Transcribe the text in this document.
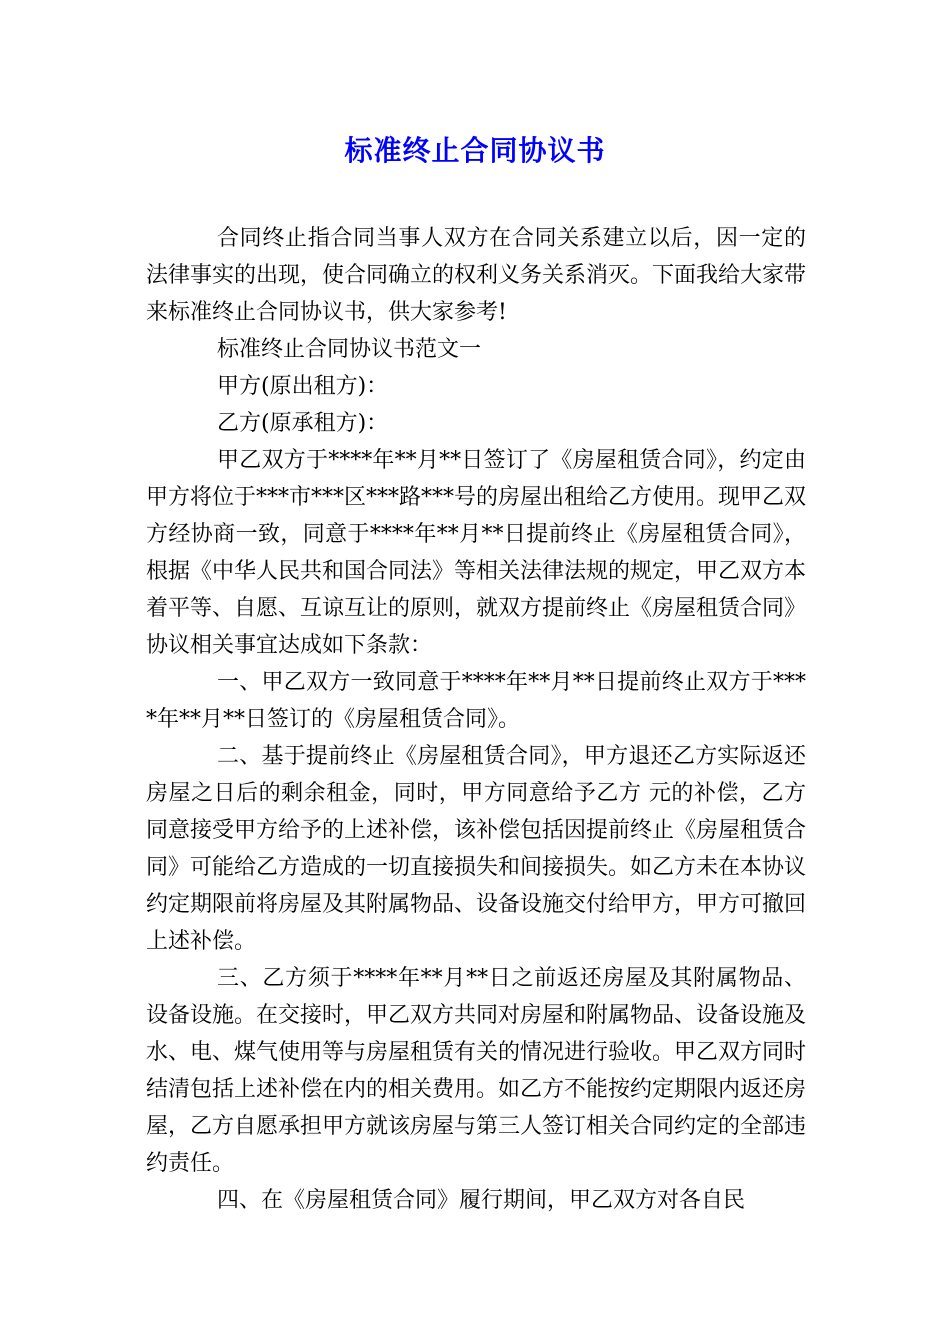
标准终止合同协议书

合同终止指合同当事人双方在合同关系建立以后，因一定的法律事实的出现，使合同确立的权利义务关系消灭。下面我给大家带来标准终止合同协议书，供大家参考!

标准终止合同协议书范文一

甲方(原出租方)：

乙方(原承租方)：

甲乙双方于****年**月**日签订了《房屋租赁合同》，约定由甲方将位于***市***区***路***号的房屋出租给乙方使用。现甲乙双方经协商一致，同意于****年**月**日提前终止《房屋租赁合同》，根据《中华人民共和国合同法》等相关法律法规的规定，甲乙双方本着平等、自愿、互谅互让的原则，就双方提前终止《房屋租赁合同》协议相关事宜达成如下条款：

一、甲乙双方一致同意于****年**月**日提前终止双方于****年**月**日签订的《房屋租赁合同》。

二、基于提前终止《房屋租赁合同》，甲方退还乙方实际返还房屋之日后的剩余租金，同时，甲方同意给予乙方 元的补偿，乙方同意接受甲方给予的上述补偿，该补偿包括因提前终止《房屋租赁合同》可能给乙方造成的一切直接损失和间接损失。如乙方未在本协议约定期限前将房屋及其附属物品、设备设施交付给甲方，甲方可撤回上述补偿。

三、乙方须于****年**月**日之前返还房屋及其附属物品、设备设施。在交接时，甲乙双方共同对房屋和附属物品、设备设施及水、电、煤气使用等与房屋租赁有关的情况进行验收。甲乙双方同时结清包括上述补偿在内的相关费用。如乙方不能按约定期限内返还房屋，乙方自愿承担甲方就该房屋与第三人签订相关合同约定的全部违约责任。

四、在《房屋租赁合同》履行期间，甲乙双方对各自民
